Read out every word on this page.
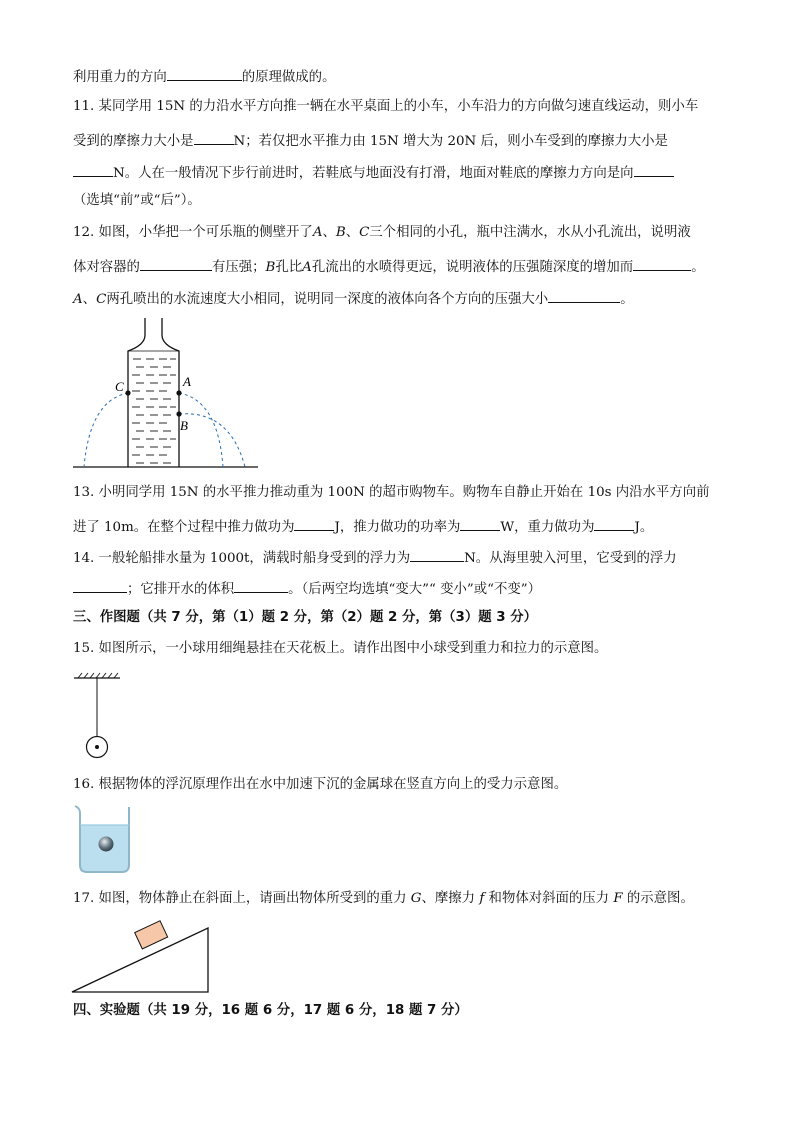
利用重力的方向	的原理做成的。
11. 某同学用 15N 的力沿水平方向推一辆在水平桌面上的小车，小车沿力的方向做匀速直线运动，则小车
受到的摩擦力大小是	N；若仅把水平推力由 15N 增大为 20N 后，则小车受到的摩擦力大小是
N。人在一般情况下步行前进时，若鞋底与地面没有打滑，地面对鞋底的摩擦力方向是向
（选填“前”或“后”）。
12. 如图，小华把一个可乐瓶的侧壁开了A、B、C三个相同的小孔，瓶中注满水，水从小孔流出，说明液
体对容器的	有压强；B孔比A孔流出的水喷得更远，说明液体的压强随深度的增加而	。
A、C两孔喷出的水流速度大小相同，说明同一深度的液体向各个方向的压强大小	。
C	A
B
13. 小明同学用 15N 的水平推力推动重为 100N 的超市购物车。购物车自静止开始在 10s 内沿水平方向前
进了 10m。在整个过程中推力做功为	J，推力做功的功率为	W，重力做功为	J。
14. 一般轮船排水量为 1000t，满载时船身受到的浮力为	N。从海里驶入河里，它受到的浮力
；它排开水的体积	。（后两空均选填“变大”“ 变小”或“不变”）
三、作图题（共 7 分，第（1）题 2 分，第（2）题 2 分，第（3）题 3 分）
15. 如图所示，一小球用细绳悬挂在天花板上。请作出图中小球受到重力和拉力的示意图。
16. 根据物体的浮沉原理作出在水中加速下沉的金属球在竖直方向上的受力示意图。
17. 如图，物体静止在斜面上，请画出物体所受到的重力 G、摩擦力 f 和物体对斜面的压力 F 的示意图。
四、实验题（共 19 分，16 题 6 分，17 题 6 分，18 题 7 分）
